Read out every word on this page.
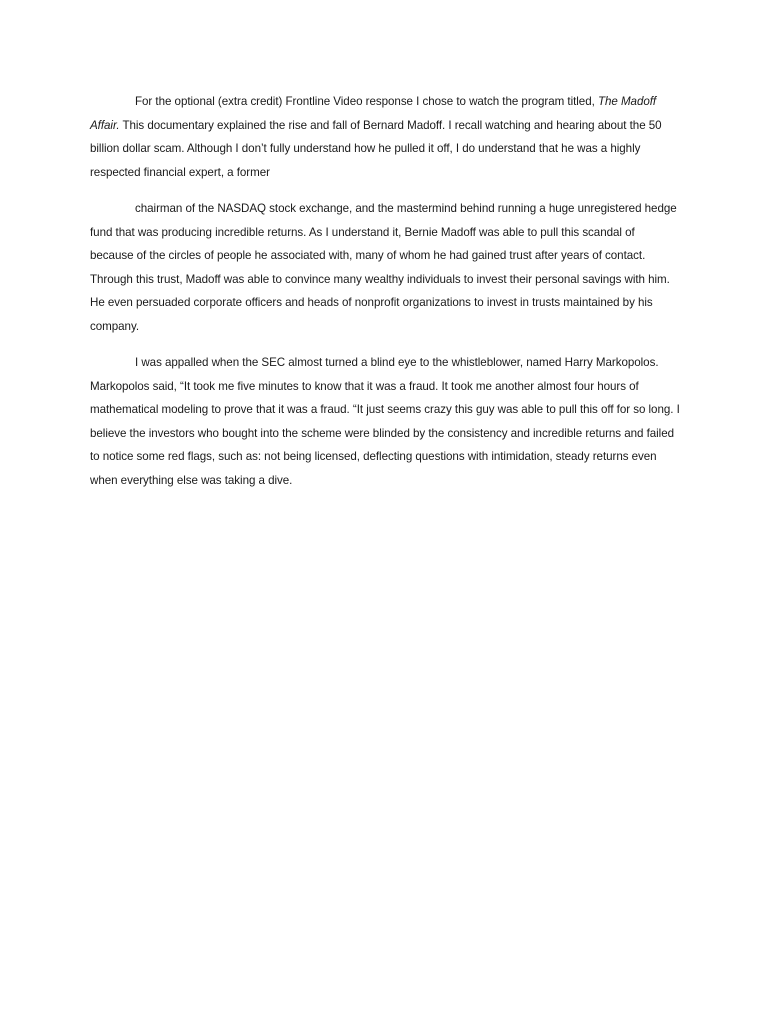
For the optional (extra credit) Frontline Video response I chose to watch the program titled, The Madoff Affair. This documentary explained the rise and fall of Bernard Madoff. I recall watching and hearing about the 50 billion dollar scam. Although I don’t fully understand how he pulled it off, I do understand that he was a highly respected financial expert, a former

chairman of the NASDAQ stock exchange, and the mastermind behind running a huge unregistered hedge fund that was producing incredible returns. As I understand it, Bernie Madoff was able to pull this scandal of because of the circles of people he associated with, many of whom he had gained trust after years of contact. Through this trust, Madoff was able to convince many wealthy individuals to invest their personal savings with him. He even persuaded corporate officers and heads of nonprofit organizations to invest in trusts maintained by his company.

I was appalled when the SEC almost turned a blind eye to the whistleblower, named Harry Markopolos. Markopolos said, “It took me five minutes to know that it was a fraud. It took me another almost four hours of mathematical modeling to prove that it was a fraud. “It just seems crazy this guy was able to pull this off for so long. I believe the investors who bought into the scheme were blinded by the consistency and incredible returns and failed to notice some red flags, such as: not being licensed, deflecting questions with intimidation, steady returns even when everything else was taking a dive.
